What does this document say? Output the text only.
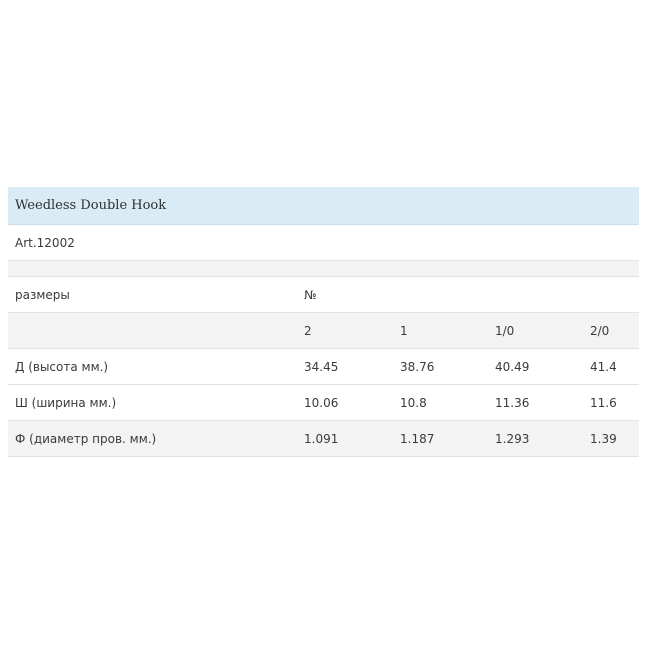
Weedless Double Hook				
Art.12002				

размеры	№			
	2	1	1/0	2/0
Д (высота мм.)	34.45	38.76	40.49	41.4
Ш (ширина мм.)	10.06	10.8	11.36	11.6
Ф (диаметр пров. мм.)	1.091	1.187	1.293	1.39
